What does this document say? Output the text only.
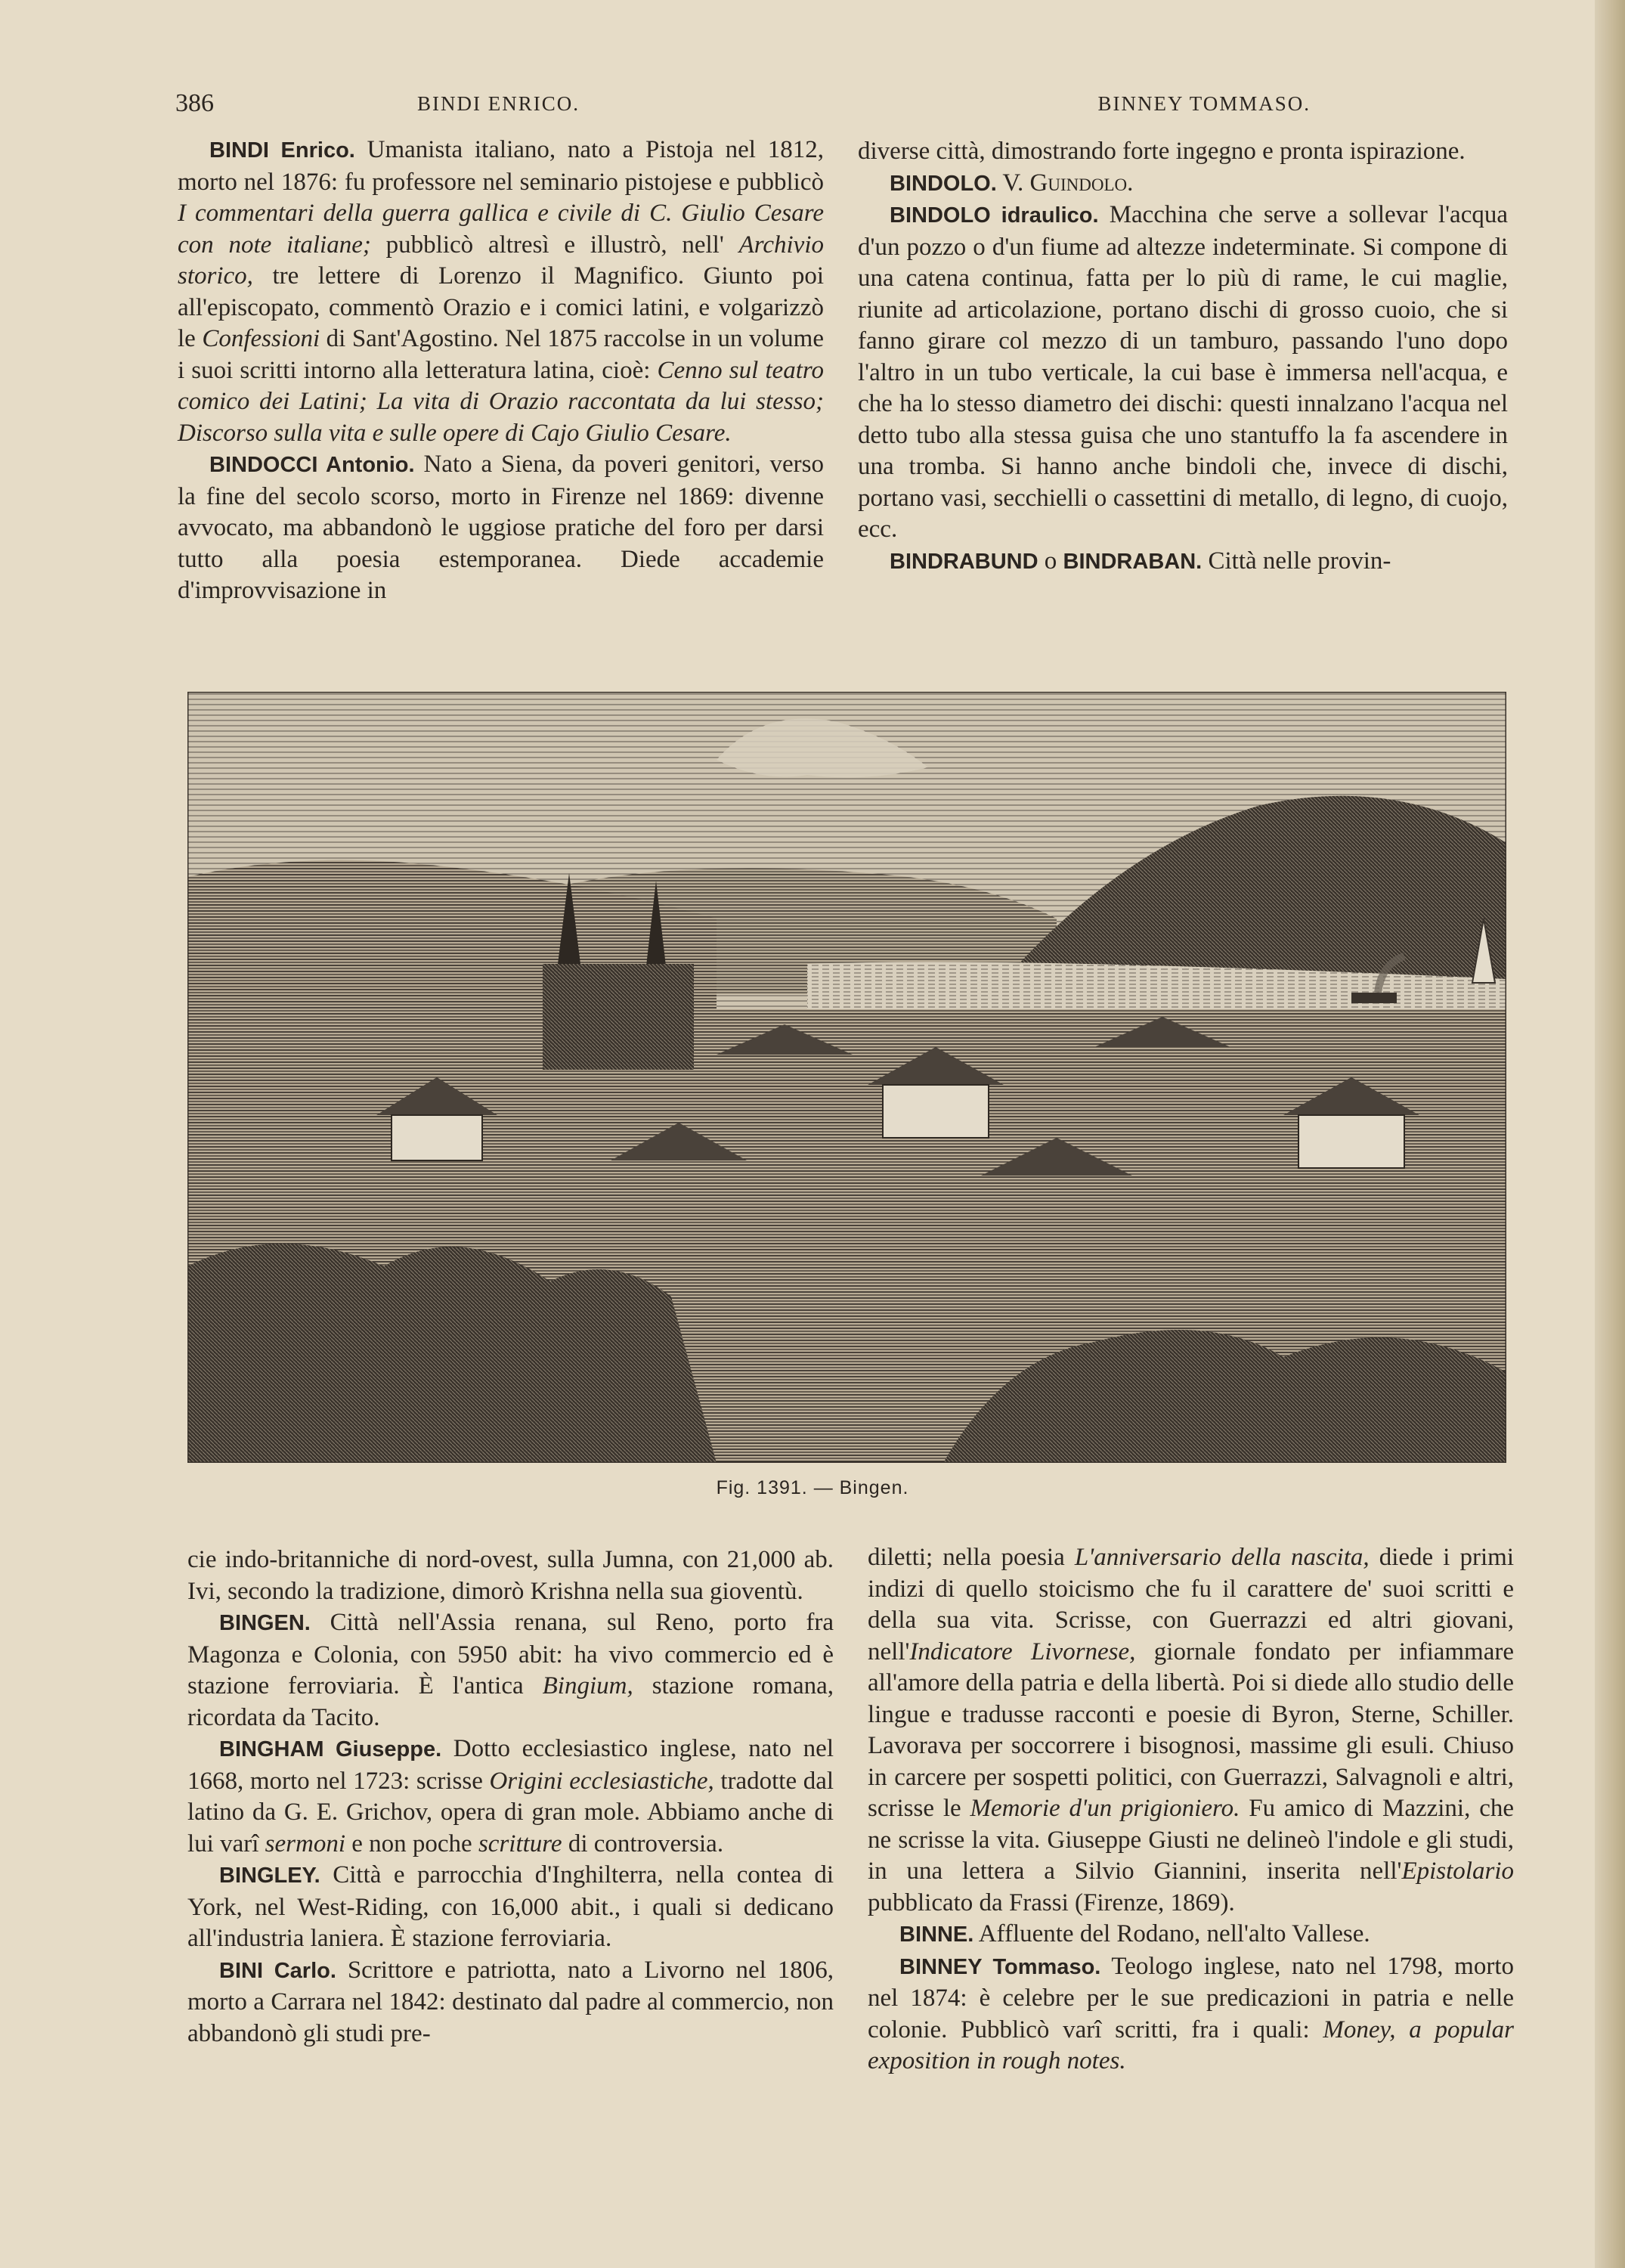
386	BINDI ENRICO.	BINNEY TOMMASO.

BINDI Enrico. Umanista italiano, nato a Pistoja nel 1812, morto nel 1876: fu professore nel seminario pistojese e pubblicò I commentari della guerra gallica e civile di C. Giulio Cesare con note italiane; pubblicò altresì e illustrò, nell' Archivio storico, tre lettere di Lorenzo il Magnifico. Giunto poi all'episcopato, commentò Orazio e i comici latini, e volgarizzò le Confessioni di Sant'Agostino. Nel 1875 raccolse in un volume i suoi scritti intorno alla letteratura latina, cioè: Cenno sul teatro comico dei Latini; La vita di Orazio raccontata da lui stesso; Discorso sulla vita e sulle opere di Cajo Giulio Cesare.

BINDOCCI Antonio. Nato a Siena, da poveri genitori, verso la fine del secolo scorso, morto in Firenze nel 1869: divenne avvocato, ma abbandonò le uggiose pratiche del foro per darsi tutto alla poesia estemporanea. Diede accademie d'improvvisazione in

diverse città, dimostrando forte ingegno e pronta ispirazione.

BINDOLO. V. Guindolo.

BINDOLO idraulico. Macchina che serve a sollevar l'acqua d'un pozzo o d'un fiume ad altezze indeterminate. Si compone di una catena continua, fatta per lo più di rame, le cui maglie, riunite ad articolazione, portano dischi di grosso cuoio, che si fanno girare col mezzo di un tamburo, passando l'uno dopo l'altro in un tubo verticale, la cui base è immersa nell'acqua, e che ha lo stesso diametro dei dischi: questi innalzano l'acqua nel detto tubo alla stessa guisa che uno stantuffo la fa ascendere in una tromba. Si hanno anche bindoli che, invece di dischi, portano vasi, secchielli o cassettini di metallo, di legno, di cuojo, ecc.

BINDRABUND o BINDRABAN. Città nelle provin-

Fig. 1391. — Bingen.

cie indo-britanniche di nord-ovest, sulla Jumna, con 21,000 ab. Ivi, secondo la tradizione, dimorò Krishna nella sua gioventù.

BINGEN. Città nell'Assia renana, sul Reno, porto fra Magonza e Colonia, con 5950 abit: ha vivo commercio ed è stazione ferroviaria. È l'antica Bingium, stazione romana, ricordata da Tacito.

BINGHAM Giuseppe. Dotto ecclesiastico inglese, nato nel 1668, morto nel 1723: scrisse Origini ecclesiastiche, tradotte dal latino da G. E. Grichov, opera di gran mole. Abbiamo anche di lui varî sermoni e non poche scritture di controversia.

BINGLEY. Città e parrocchia d'Inghilterra, nella contea di York, nel West-Riding, con 16,000 abit., i quali si dedicano all'industria laniera. È stazione ferroviaria.

BINI Carlo. Scrittore e patriotta, nato a Livorno nel 1806, morto a Carrara nel 1842: destinato dal padre al commercio, non abbandonò gli studi pre-

diletti; nella poesia L'anniversario della nascita, diede i primi indizi di quello stoicismo che fu il carattere de' suoi scritti e della sua vita. Scrisse, con Guerrazzi ed altri giovani, nell'Indicatore Livornese, giornale fondato per infiammare all'amore della patria e della libertà. Poi si diede allo studio delle lingue e tradusse racconti e poesie di Byron, Sterne, Schiller. Lavorava per soccorrere i bisognosi, massime gli esuli. Chiuso in carcere per sospetti politici, con Guerrazzi, Salvagnoli e altri, scrisse le Memorie d'un prigioniero. Fu amico di Mazzini, che ne scrisse la vita. Giuseppe Giusti ne delineò l'indole e gli studi, in una lettera a Silvio Giannini, inserita nell'Epistolario pubblicato da Frassi (Firenze, 1869).

BINNE. Affluente del Rodano, nell'alto Vallese.

BINNEY Tommaso. Teologo inglese, nato nel 1798, morto nel 1874: è celebre per le sue predicazioni in patria e nelle colonie. Pubblicò varî scritti, fra i quali: Money, a popular exposition in rough notes.
